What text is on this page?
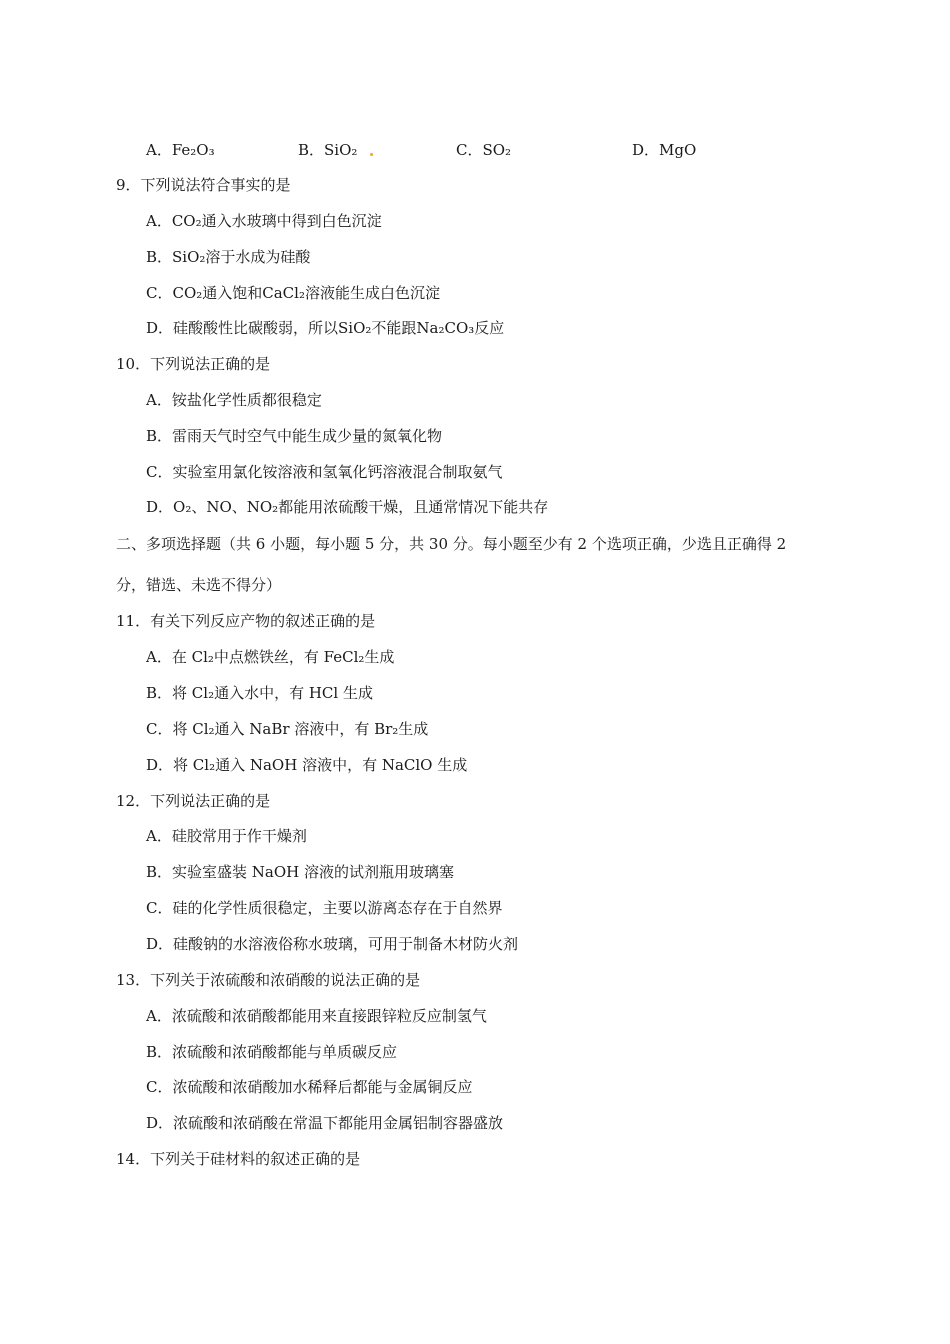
A．Fe₂O₃	B．SiO₂	C．SO₂	D．MgO
9．下列说法符合事实的是
A．CO₂通入水玻璃中得到白色沉淀
B．SiO₂溶于水成为硅酸
C．CO₂通入饱和CaCl₂溶液能生成白色沉淀
D．硅酸酸性比碳酸弱，所以SiO₂不能跟Na₂CO₃反应
10．下列说法正确的是
A．铵盐化学性质都很稳定
B．雷雨天气时空气中能生成少量的氮氧化物
C．实验室用氯化铵溶液和氢氧化钙溶液混合制取氨气
D．O₂、NO、NO₂都能用浓硫酸干燥，且通常情况下能共存
二、多项选择题（共 6 小题，每小题 5 分，共 30 分。每小题至少有 2 个选项正确，少选且正确得 2
分，错选、未选不得分）
11．有关下列反应产物的叙述正确的是
A．在 Cl₂中点燃铁丝，有 FeCl₂生成
B．将 Cl₂通入水中，有 HCl 生成
C．将 Cl₂通入 NaBr 溶液中，有 Br₂生成
D．将 Cl₂通入 NaOH 溶液中，有 NaClO 生成
12．下列说法正确的是
A．硅胶常用于作干燥剂
B．实验室盛装 NaOH 溶液的试剂瓶用玻璃塞
C．硅的化学性质很稳定，主要以游离态存在于自然界
D．硅酸钠的水溶液俗称水玻璃，可用于制备木材防火剂
13．下列关于浓硫酸和浓硝酸的说法正确的是
A．浓硫酸和浓硝酸都能用来直接跟锌粒反应制氢气
B．浓硫酸和浓硝酸都能与单质碳反应
C．浓硫酸和浓硝酸加水稀释后都能与金属铜反应
D．浓硫酸和浓硝酸在常温下都能用金属铝制容器盛放
14．下列关于硅材料的叙述正确的是
